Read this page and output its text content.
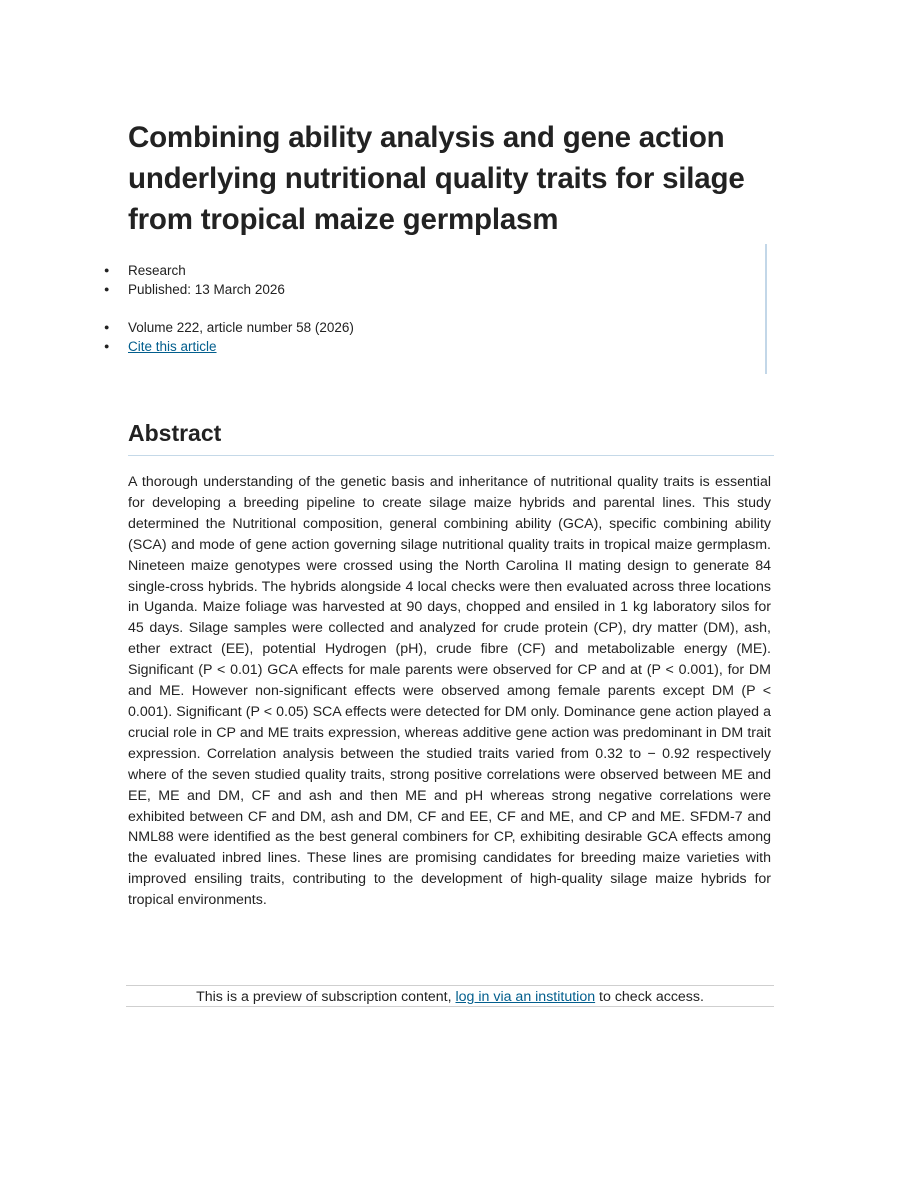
Combining ability analysis and gene action underlying nutritional quality traits for silage from tropical maize germplasm
● Research
● Published: 13 March 2026
● Volume 222, article number 58 (2026)
● Cite this article
Abstract

A thorough understanding of the genetic basis and inheritance of nutritional quality traits is essential for developing a breeding pipeline to create silage maize hybrids and parental lines. This study determined the Nutritional composition, general combining ability (GCA), specific combining ability (SCA) and mode of gene action governing silage nutritional quality traits in tropical maize germplasm. Nineteen maize genotypes were crossed using the North Carolina II mating design to generate 84 single-cross hybrids. The hybrids alongside 4 local checks were then evaluated across three locations in Uganda. Maize foliage was harvested at 90 days, chopped and ensiled in 1 kg laboratory silos for 45 days. Silage samples were collected and analyzed for crude protein (CP), dry matter (DM), ash, ether extract (EE), potential Hydrogen (pH), crude fibre (CF) and metabolizable energy (ME). Significant (P < 0.01) GCA effects for male parents were observed for CP and at (P < 0.001), for DM and ME. However non-significant effects were observed among female parents except DM (P < 0.001). Significant (P < 0.05) SCA effects were detected for DM only. Dominance gene action played a crucial role in CP and ME traits expression, whereas additive gene action was predominant in DM trait expression. Correlation analysis between the studied traits varied from 0.32 to − 0.92 respectively where of the seven studied quality traits, strong positive correlations were observed between ME and EE, ME and DM, CF and ash and then ME and pH whereas strong negative correlations were exhibited between CF and DM, ash and DM, CF and EE, CF and ME, and CP and ME. SFDM-7 and NML88 were identified as the best general combiners for CP, exhibiting desirable GCA effects among the evaluated inbred lines. These lines are promising candidates for breeding maize varieties with improved ensiling traits, contributing to the development of high-quality silage maize hybrids for tropical environments.

This is a preview of subscription content, log in via an institution to check access.
